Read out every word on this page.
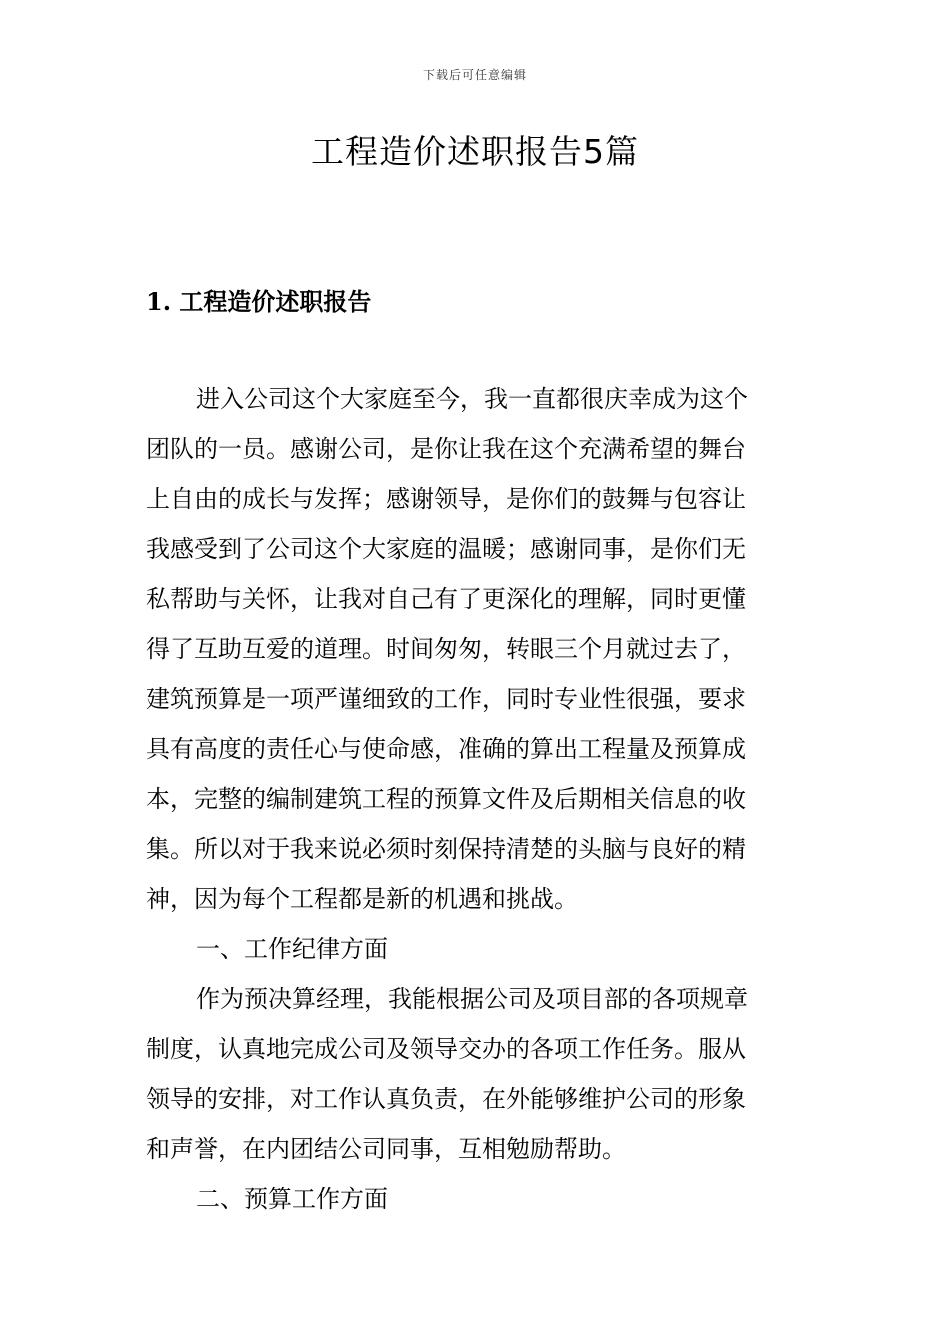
下载后可任意编辑
工程造价述职报告5篇
1. 工程造价述职报告
进入公司这个大家庭至今，我一直都很庆幸成为这个
团队的一员。感谢公司，是你让我在这个充满希望的舞台
上自由的成长与发挥；感谢领导，是你们的鼓舞与包容让
我感受到了公司这个大家庭的温暖；感谢同事，是你们无
私帮助与关怀，让我对自己有了更深化的理解，同时更懂
得了互助互爱的道理。时间匆匆，转眼三个月就过去了，
建筑预算是一项严谨细致的工作，同时专业性很强，要求
具有高度的责任心与使命感，准确的算出工程量及预算成
本，完整的编制建筑工程的预算文件及后期相关信息的收
集。所以对于我来说必须时刻保持清楚的头脑与良好的精
神，因为每个工程都是新的机遇和挑战。
一、工作纪律方面
作为预决算经理，我能根据公司及项目部的各项规章
制度，认真地完成公司及领导交办的各项工作任务。服从
领导的安排，对工作认真负责，在外能够维护公司的形象
和声誉，在内团结公司同事，互相勉励帮助。
二、预算工作方面
